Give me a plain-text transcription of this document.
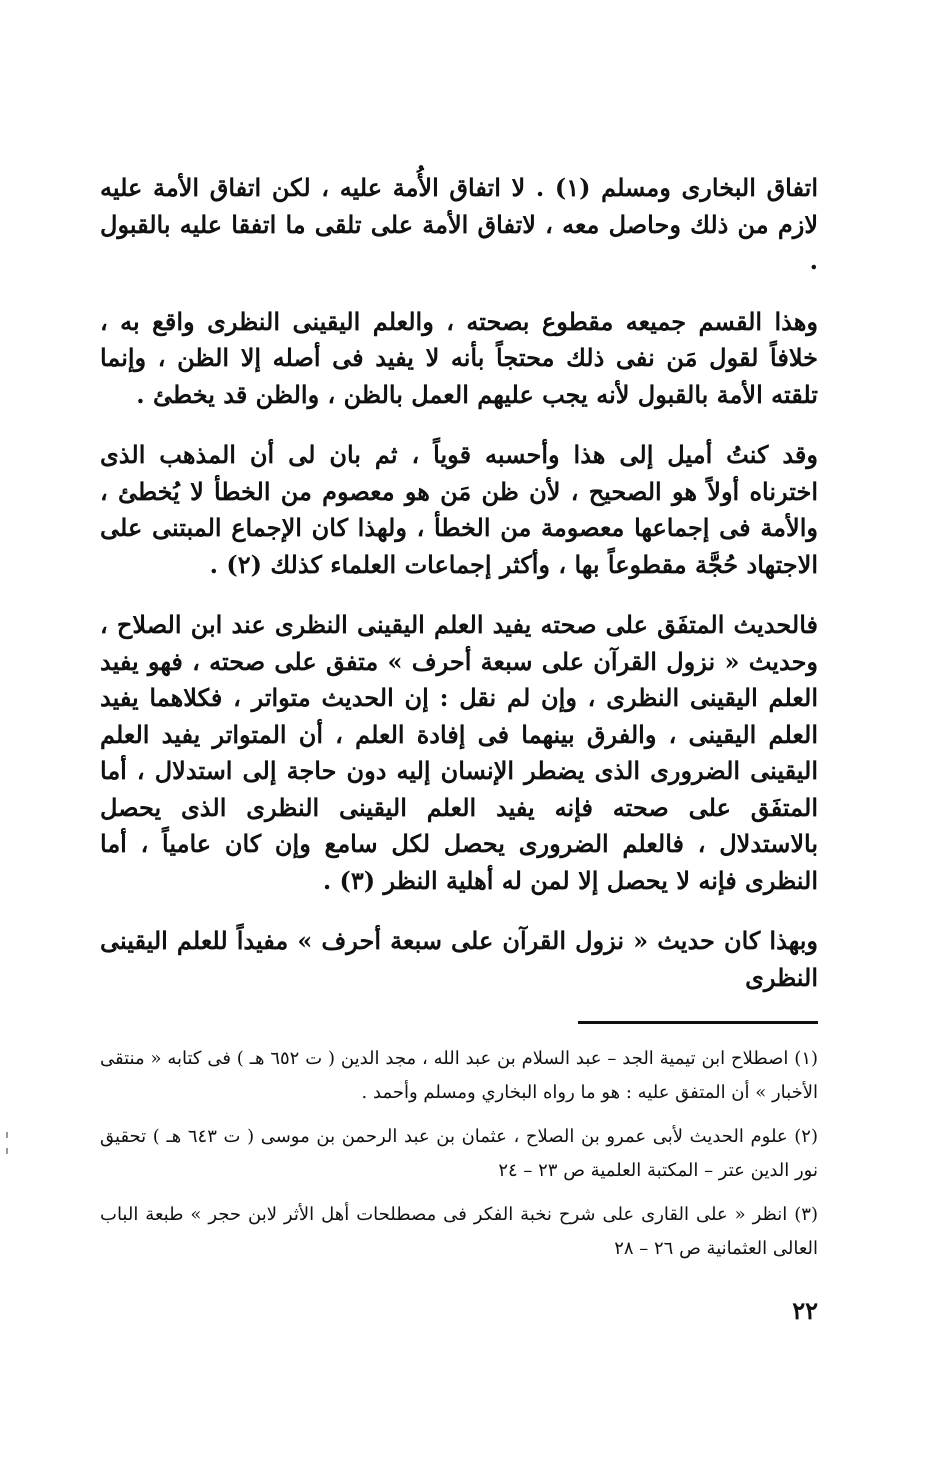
اتفاق البخارى ومسلم (١) . لا اتفاق الأُمة عليه ، لكن اتفاق الأمة عليه لازم من ذلك وحاصل معه ، لاتفاق الأمة على تلقى ما اتفقا عليه بالقبول .

وهذا القسم جميعه مقطوع بصحته ، والعلم اليقينى النظرى واقع به ، خلافاً لقول مَن نفى ذلك محتجاً بأنه لا يفيد فى أصله إلا الظن ، وإنما تلقته الأمة بالقبول لأنه يجب عليهم العمل بالظن ، والظن قد يخطئ .

وقد كنتُ أميل إلى هذا وأحسبه قوياً ، ثم بان لى أن المذهب الذى اخترناه أولاً هو الصحيح ، لأن ظن مَن هو معصوم من الخطأ لا يُخطئ ، والأمة فى إجماعها معصومة من الخطأ ، ولهذا كان الإجماع المبتنى على الاجتهاد حُجَّة مقطوعاً بها ، وأكثر إجماعات العلماء كذلك (٢) .

فالحديث المتفَق على صحته يفيد العلم اليقينى النظرى عند ابن الصلاح ، وحديث « نزول القرآن على سبعة أحرف » متفق على صحته ، فهو يفيد العلم اليقينى النظرى ، وإن لم نقل : إن الحديث متواتر ، فكلاهما يفيد العلم اليقينى ، والفرق بينهما فى إفادة العلم ، أن المتواتر يفيد العلم اليقينى الضرورى الذى يضطر الإنسان إليه دون حاجة إلى استدلال ، أما المتفَق على صحته فإنه يفيد العلم اليقينى النظرى الذى يحصل بالاستدلال ، فالعلم الضرورى يحصل لكل سامع وإن كان عامياً ، أما النظرى فإنه لا يحصل إلا لمن له أهلية النظر (٣) .

وبهذا كان حديث « نزول القرآن على سبعة أحرف » مفيداً للعلم اليقينى النظرى

(١) اصطلاح ابن تيمية الجد – عبد السلام بن عبد الله ، مجد الدين ( ت ٦٥٢ هـ ) فى كتابه « منتقى الأخبار » أن المتفق عليه : هو ما رواه البخاري ومسلم وأحمد .

(٢) علوم الحديث لأبى عمرو بن الصلاح ، عثمان بن عبد الرحمن بن موسى ( ت ٦٤٣ هـ ) تحقيق نور الدين عتر – المكتبة العلمية ص ٢٣ – ٢٤

(٣) انظر « على القارى على شرح نخبة الفكر فى مصطلحات أهل الأثر لابن حجر » طبعة الباب العالى العثمانية ص ٢٦ – ٢٨

٢٢
